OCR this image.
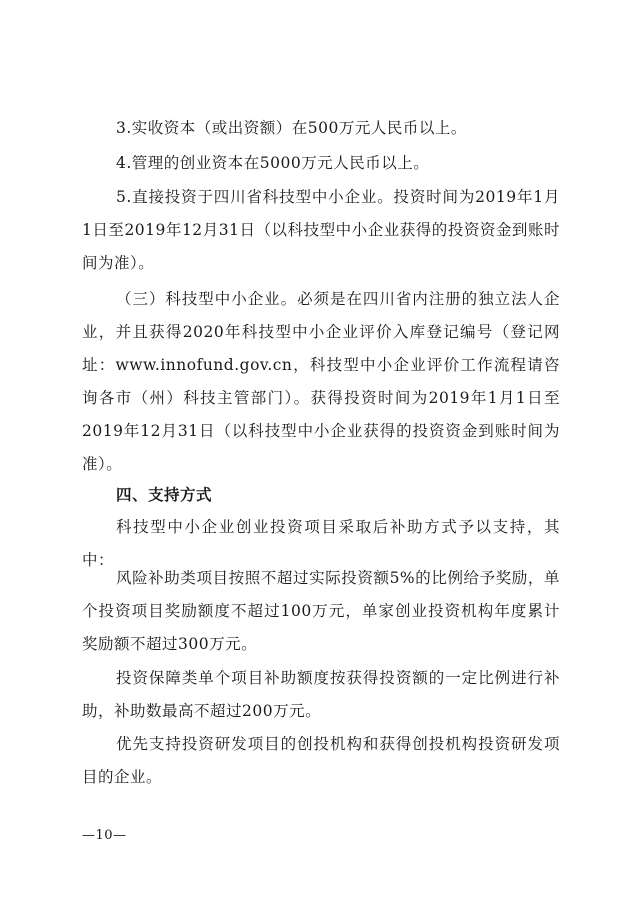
3.实收资本（或出资额）在500万元人民币以上。

4.管理的创业资本在5000万元人民币以上。

5.直接投资于四川省科技型中小企业。投资时间为2019年1月1日至2019年12月31日（以科技型中小企业获得的投资资金到账时间为准）。

（三）科技型中小企业。必须是在四川省内注册的独立法人企业，并且获得2020年科技型中小企业评价入库登记编号（登记网址：www.innofund.gov.cn，科技型中小企业评价工作流程请咨询各市（州）科技主管部门）。获得投资时间为2019年1月1日至2019年12月31日（以科技型中小企业获得的投资资金到账时间为准）。

四、支持方式

科技型中小企业创业投资项目采取后补助方式予以支持，其中：

风险补助类项目按照不超过实际投资额5%的比例给予奖励，单个投资项目奖励额度不超过100万元，单家创业投资机构年度累计奖励额不超过300万元。

投资保障类单个项目补助额度按获得投资额的一定比例进行补助，补助数最高不超过200万元。

优先支持投资研发项目的创投机构和获得创投机构投资研发项目的企业。

—10—
